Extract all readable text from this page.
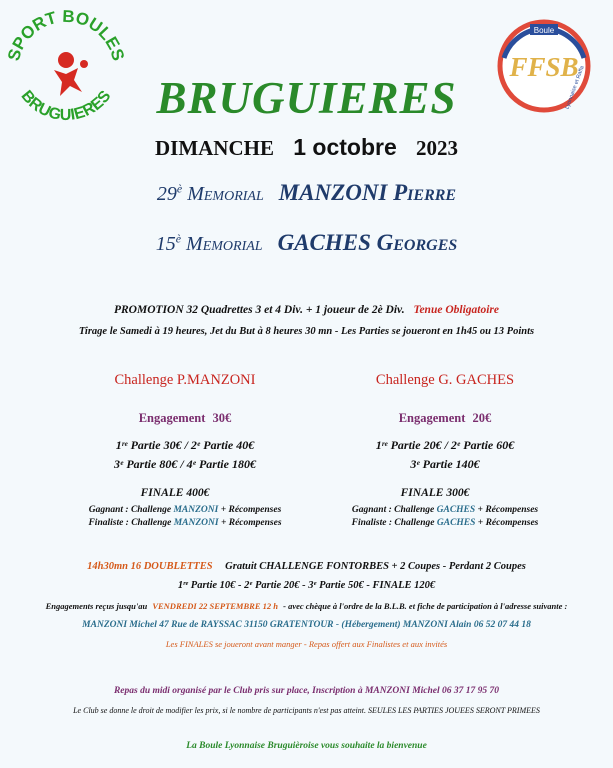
SPORT BOULES
BRUGUIERES
Boule
FFSB
Lyonnaise et Raffa
BRUGUIERES
DIMANCHE 1 octobre 2023
$29^è$ Memorial MANZONI Pierre
$15^è$ Memorial GACHES Georges
PROMOTION 32 Quadrettes 3 et 4 Div. + 1 joueur de 2è Div. Tenue Obligatoire
Tirage le Samedi à 19 heures, Jet du But à 8 heures 30 mn - Les Parties se joueront en 1h45 ou 13 Points
Challenge P.MANZONI
Engagement 30€
1ʳᵉ Partie 30€ / 2ᵉ Partie 40€
3ᵉ Partie 80€ / 4ᵉ Partie 180€
FINALE 400€
Gagnant : Challenge MANZONI + Récompenses
Finaliste : Challenge MANZONI + Récompenses
Challenge G. GACHES
Engagement 20€
1ʳᵉ Partie 20€ / 2ᵉ Partie 60€
3ᵉ Partie 140€
FINALE 300€
Gagnant : Challenge GACHES + Récompenses
Finaliste : Challenge GACHES + Récompenses
14h30mn 16 DOUBLETTES Gratuit CHALLENGE FONTORBES + 2 Coupes - Perdant 2 Coupes
1ʳᵉ Partie 10€ - 2ᵉ Partie 20€ - 3ᵉ Partie 50€ - FINALE 120€
Engagements reçus jusqu'au VENDREDI 22 SEPTEMBRE 12 h - avec chèque à l'ordre de la B.L.B. et fiche de participation à l'adresse suivante :
MANZONI Michel 47 Rue de RAYSSAC 31150 GRATENTOUR - (Hébergement) MANZONI Alain 06 52 07 44 18
Les FINALES se joueront avant manger - Repas offert aux Finalistes et aux invités
Repas du midi organisé par le Club pris sur place, Inscription à MANZONI Michel 06 37 17 95 70
Le Club se donne le droit de modifier les prix, si le nombre de participants n'est pas atteint. SEULES LES PARTIES JOUEES SERONT PRIMEES
La Boule Lyonnaise Bruguièroise vous souhaite la bienvenue
